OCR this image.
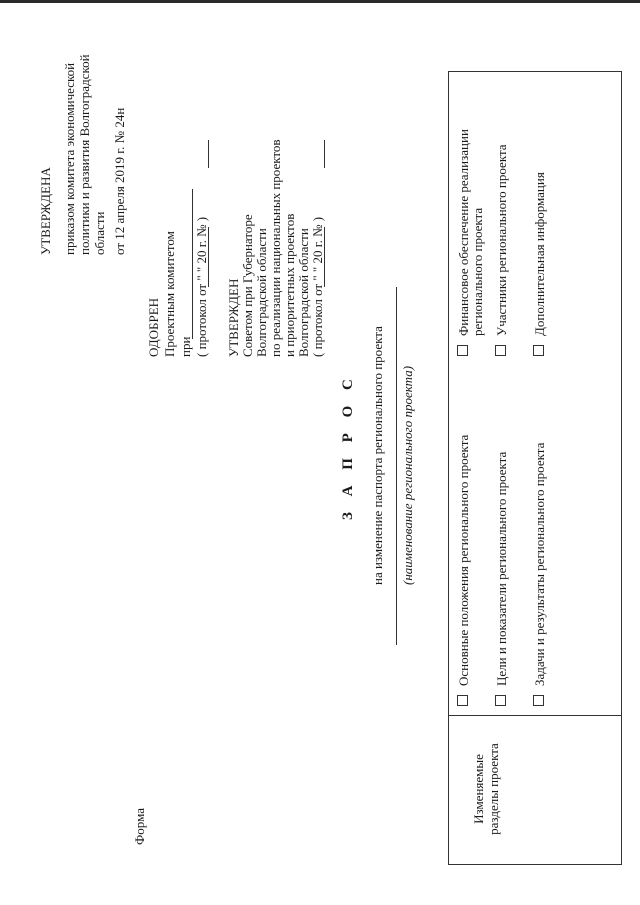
УТВЕРЖДЕНА приказом комитета экономической политики и развития Волгоградской области от 12 апреля 2019 г. № 24н
ОДОБРЕН Проектным комитетом при ( протокол от " " 20 г. № ) УТВЕРЖДЕН Советом при Губернаторе Волгоградской области по реализации национальных проектов и приоритетных проектов Волгоградской области ( протокол от " " 20 г. № )
Форма
З А П Р О С на изменение паспорта регионального проекта (наименование регионального проекта)
Изменяемые разделы проекта
Основные положения регионального проекта Цели и показатели регионального проекта Задачи и результаты регионального проекта
Финансовое обеспечение реализации регионального проекта Участники регионального проекта Дополнительная информация
